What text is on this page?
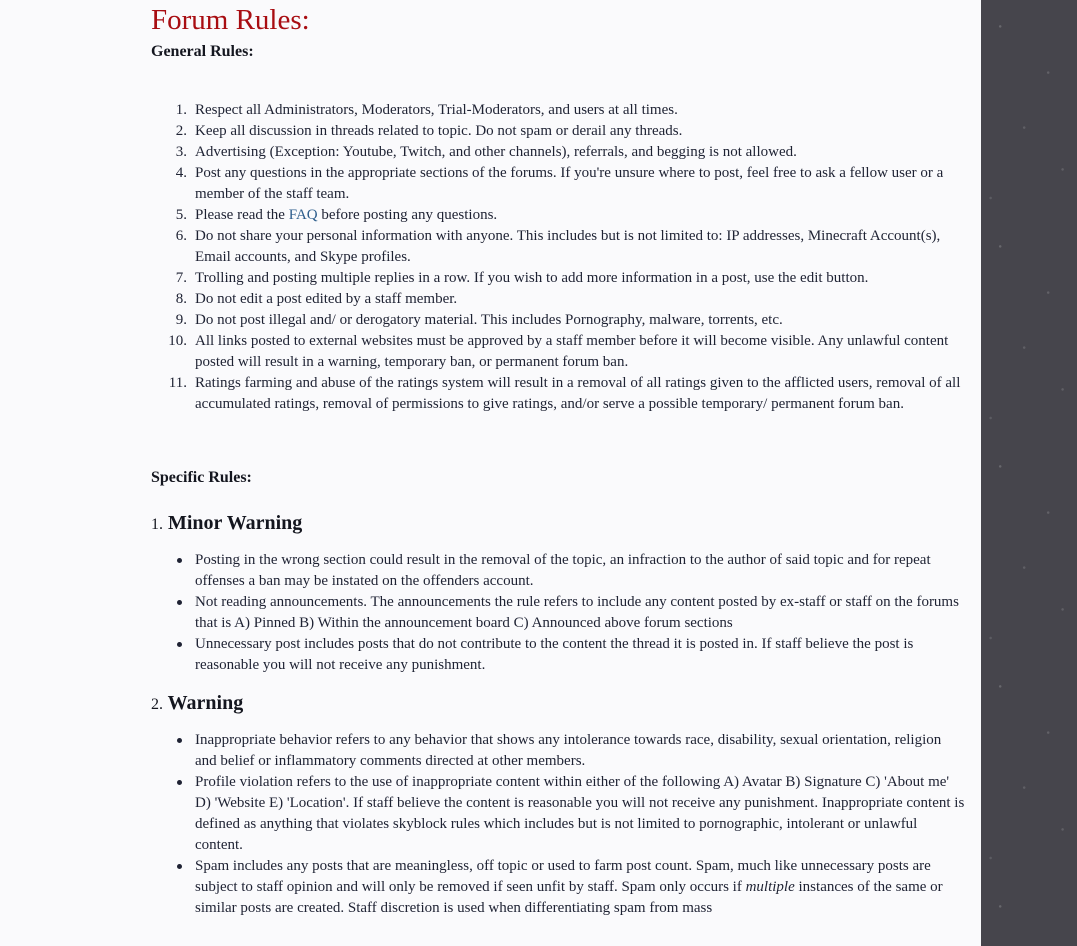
Forum Rules:
General Rules:
1. Respect all Administrators, Moderators, Trial-Moderators, and users at all times.
2. Keep all discussion in threads related to topic. Do not spam or derail any threads.
3. Advertising (Exception: Youtube, Twitch, and other channels), referrals, and begging is not allowed.
4. Post any questions in the appropriate sections of the forums. If you're unsure where to post, feel free to ask a fellow user or a member of the staff team.
5. Please read the FAQ before posting any questions.
6. Do not share your personal information with anyone. This includes but is not limited to: IP addresses, Minecraft Account(s), Email accounts, and Skype profiles.
7. Trolling and posting multiple replies in a row. If you wish to add more information in a post, use the edit button.
8. Do not edit a post edited by a staff member.
9. Do not post illegal and/ or derogatory material. This includes Pornography, malware, torrents, etc.
10. All links posted to external websites must be approved by a staff member before it will become visible. Any unlawful content posted will result in a warning, temporary ban, or permanent forum ban.
11. Ratings farming and abuse of the ratings system will result in a removal of all ratings given to the afflicted users, removal of all accumulated ratings, removal of permissions to give ratings, and/or serve a possible temporary/ permanent forum ban.
Specific Rules:
1. Minor Warning
Posting in the wrong section could result in the removal of the topic, an infraction to the author of said topic and for repeat offenses a ban may be instated on the offenders account.
Not reading announcements. The announcements the rule refers to include any content posted by ex-staff or staff on the forums that is A) Pinned B) Within the announcement board C) Announced above forum sections
Unnecessary post includes posts that do not contribute to the content the thread it is posted in. If staff believe the post is reasonable you will not receive any punishment.
2. Warning
Inappropriate behavior refers to any behavior that shows any intolerance towards race, disability, sexual orientation, religion and belief or inflammatory comments directed at other members.
Profile violation refers to the use of inappropriate content within either of the following A) Avatar B) Signature C) 'About me' D) 'Website E) 'Location'. If staff believe the content is reasonable you will not receive any punishment. Inappropriate content is defined as anything that violates skyblock rules which includes but is not limited to pornographic, intolerant or unlawful content.
Spam includes any posts that are meaningless, off topic or used to farm post count. Spam, much like unnecessary posts are subject to staff opinion and will only be removed if seen unfit by staff. Spam only occurs if multiple instances of the same or similar posts are created. Staff discretion is used when differentiating spam from mass
